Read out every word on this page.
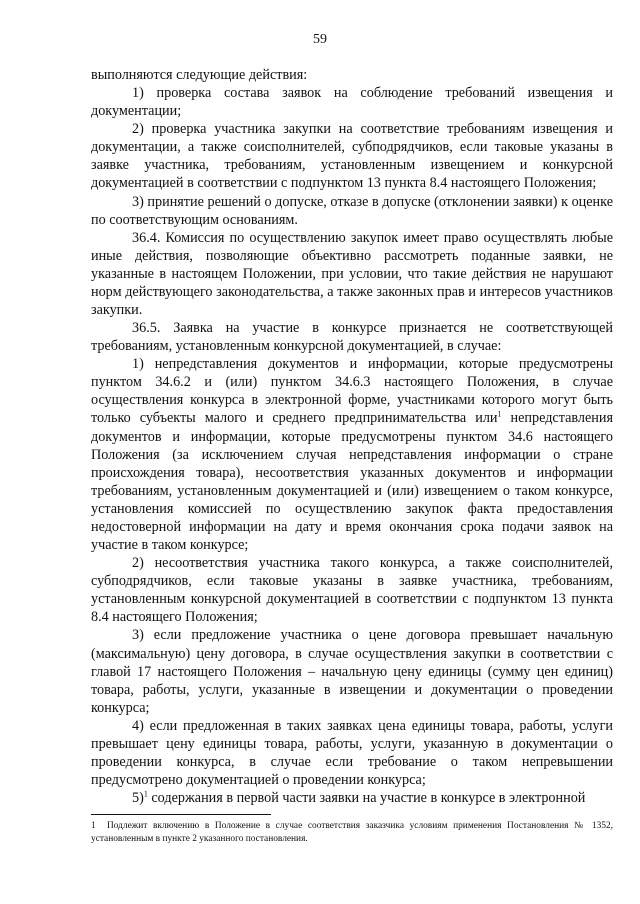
59

выполняются следующие действия:

1) проверка состава заявок на соблюдение требований извещения и документации;

2) проверка участника закупки на соответствие требованиям извещения и документации, а также соисполнителей, субподрядчиков, если таковые указаны в заявке участника, требованиям, установленным извещением и конкурсной документацией в соответствии с подпунктом 13 пункта 8.4 настоящего Положения;

3) принятие решений о допуске, отказе в допуске (отклонении заявки) к оценке по соответствующим основаниям.

36.4. Комиссия по осуществлению закупок имеет право осуществлять любые иные действия, позволяющие объективно рассмотреть поданные заявки, не указанные в настоящем Положении, при условии, что такие действия не нарушают норм действующего законодательства, а также законных прав и интересов участников закупки.

36.5. Заявка на участие в конкурсе признается не соответствующей требованиям, установленным конкурсной документацией, в случае:

1) непредставления документов и информации, которые предусмотрены пунктом 34.6.2 и (или) пунктом 34.6.3 настоящего Положения, в случае осуществления конкурса в электронной форме, участниками которого могут быть только субъекты малого и среднего предпринимательства или$^1$ непредставления документов и информации, которые предусмотрены пунктом 34.6 настоящего Положения (за исключением случая непредставления информации о стране происхождения товара), несоответствия указанных документов и информации требованиям, установленным документацией и (или) извещением о таком конкурсе, установления комиссией по осуществлению закупок факта предоставления недостоверной информации на дату и время окончания срока подачи заявок на участие в таком конкурсе;

2) несоответствия участника такого конкурса, а также соисполнителей, субподрядчиков, если таковые указаны в заявке участника, требованиям, установленным конкурсной документацией в соответствии с подпунктом 13 пункта 8.4 настоящего Положения;

3) если предложение участника о цене договора превышает начальную (максимальную) цену договора, в случае осуществления закупки в соответствии с главой 17 настоящего Положения – начальную цену единицы (сумму цен единиц) товара, работы, услуги, указанные в извещении и документации о проведении конкурса;

4) если предложенная в таких заявках цена единицы товара, работы, услуги превышает цену единицы товара, работы, услуги, указанную в документации о проведении конкурса, в случае если требование о таком непревышении предусмотрено документацией о проведении конкурса;

5)$^1$ содержания в первой части заявки на участие в конкурсе в электронной

1 Подлежит включению в Положение в случае соответствия заказчика условиям применения Постановления № 1352, установленным в пункте 2 указанного постановления.
